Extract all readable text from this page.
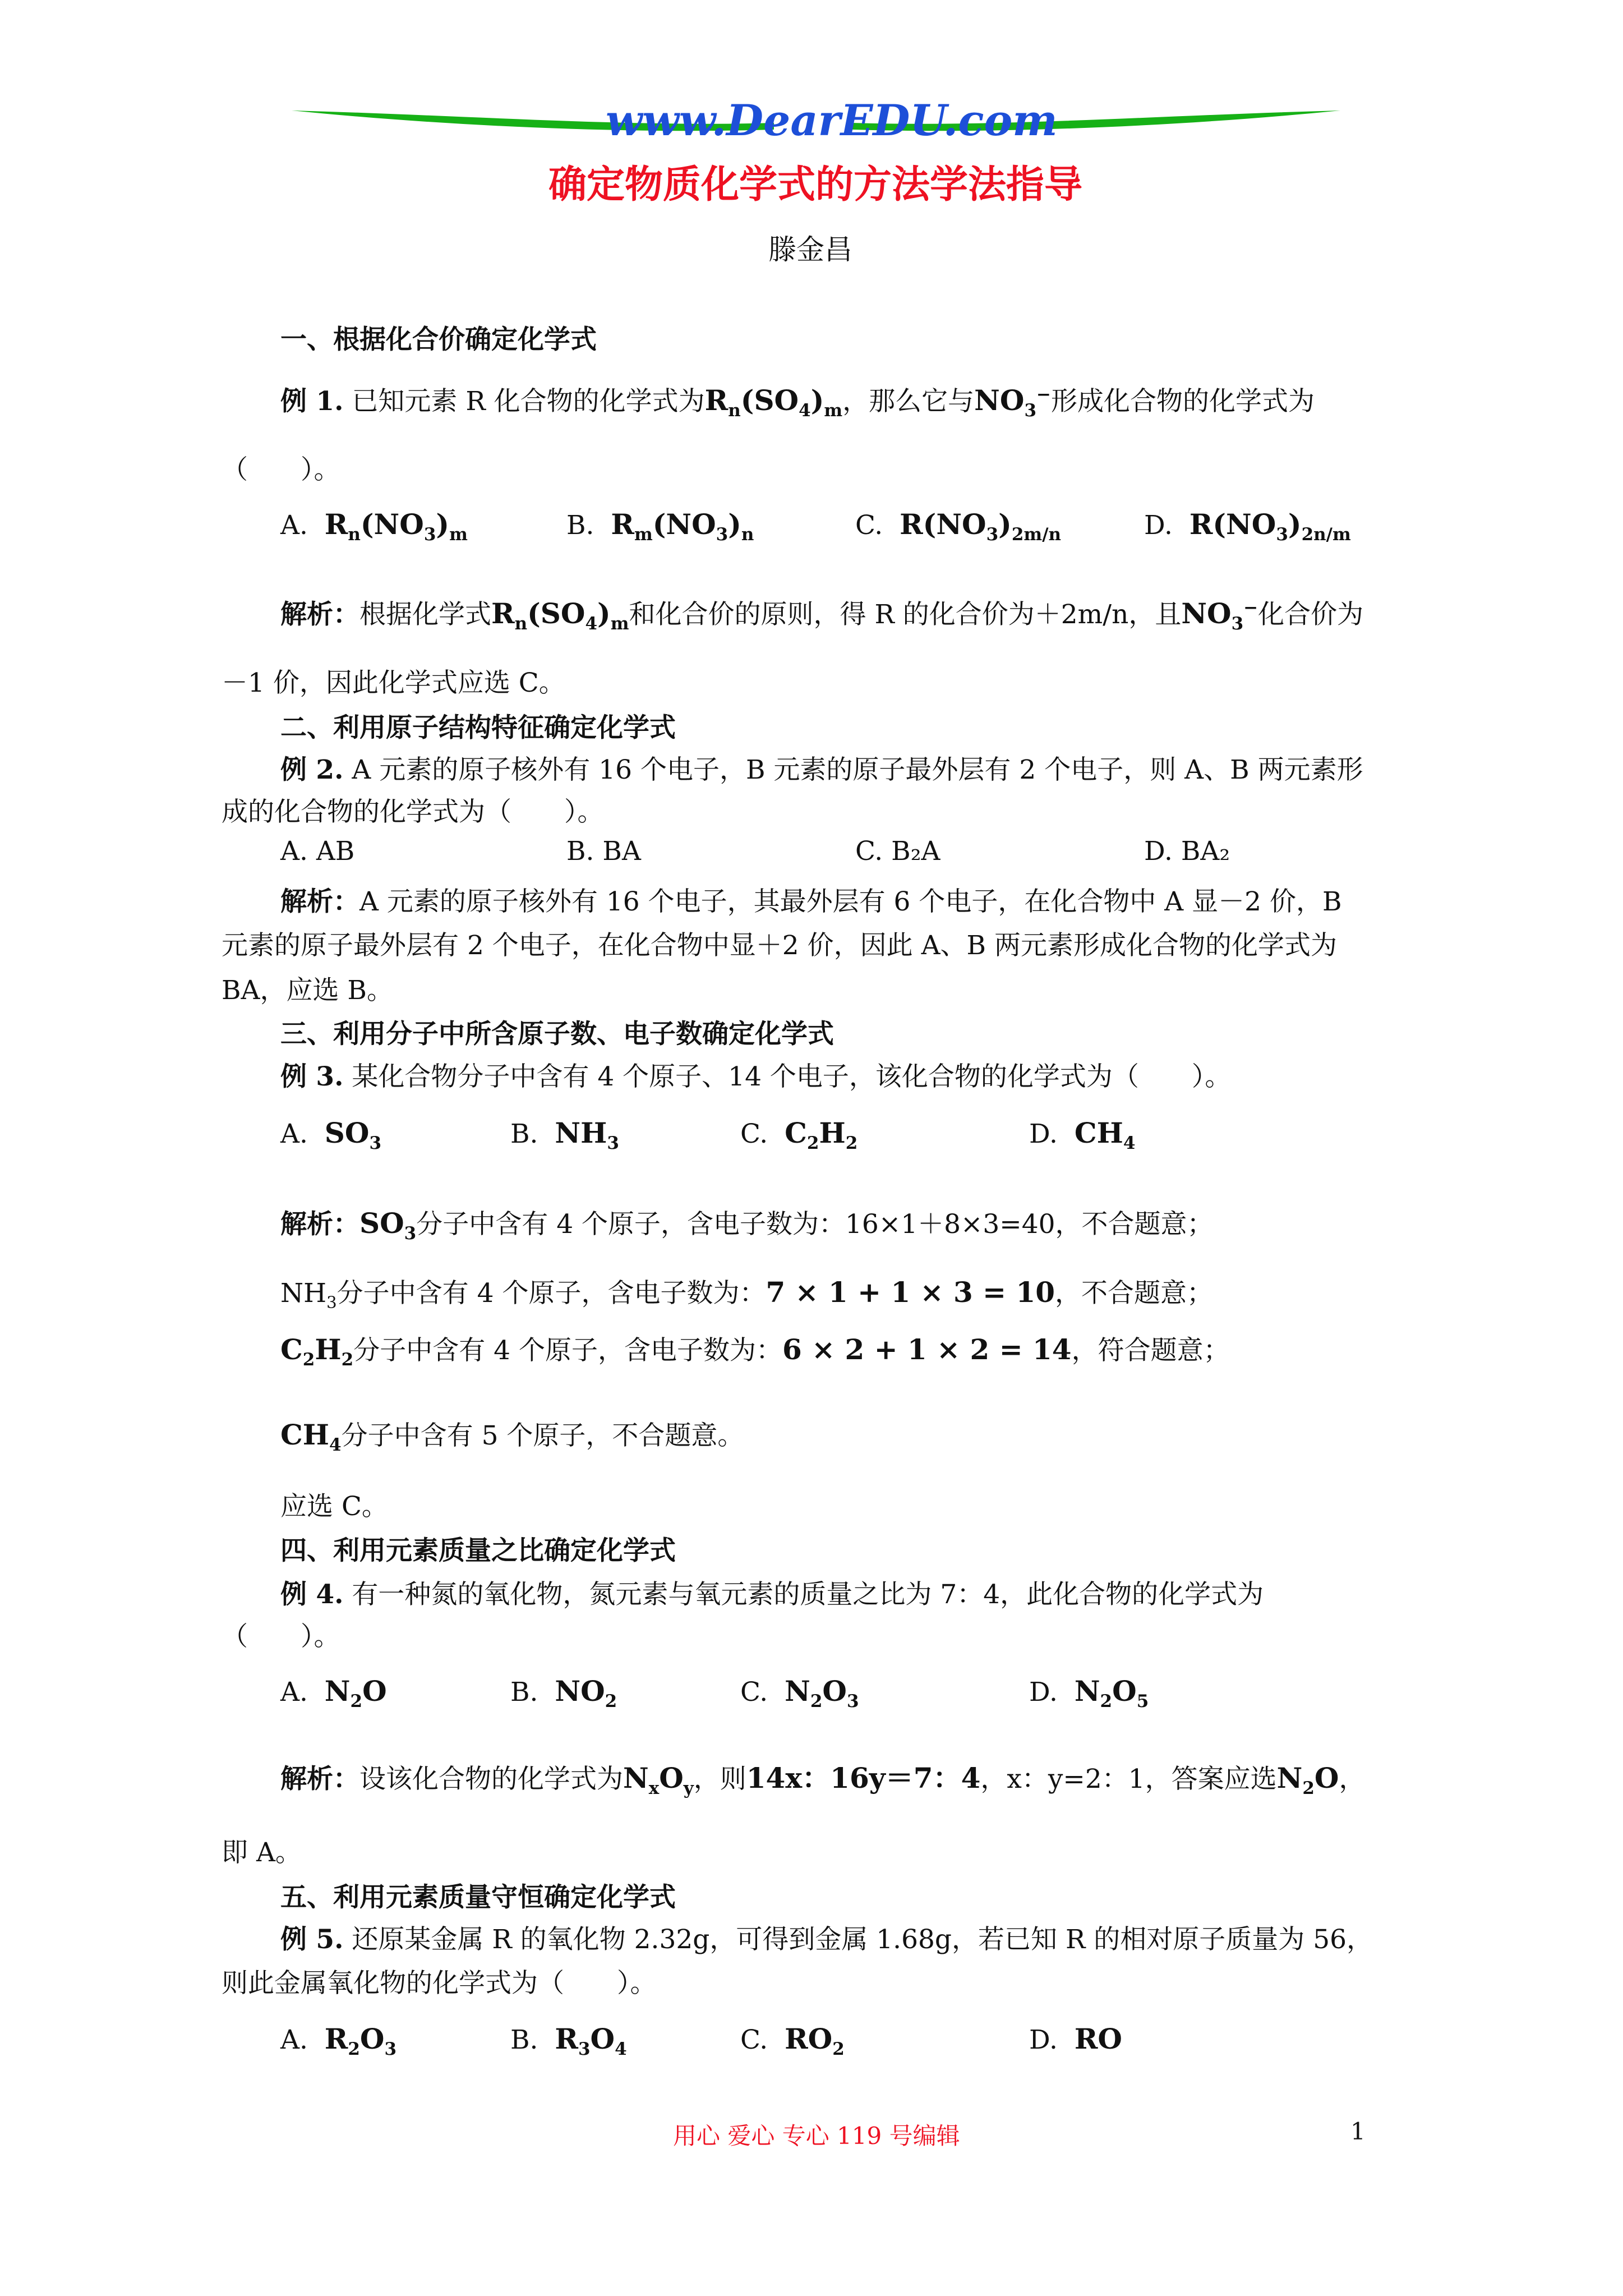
www.DearEDU.com
确定物质化学式的方法学法指导
滕金昌
一、根据化合价确定化学式
例 1. 已知元素 R 化合物的化学式为$R_n(SO_4)_m$，那么它与$NO_3^-$形成化合物的化学式为
（　　）。
A. $R_n(NO_3)_m$	B. $R_m(NO_3)_n$	C. $R(NO_3)_{2m/n}$	D. $R(NO_3)_{2n/m}$
解析：根据化学式$R_n(SO_4)_m$和化合价的原则，得 R 的化合价为＋2m/n，且$NO_3^-$化合价为
－1 价，因此化学式应选 C。
二、利用原子结构特征确定化学式
例 2. A 元素的原子核外有 16 个电子，B 元素的原子最外层有 2 个电子，则 A、B 两元素形
成的化合物的化学式为（　　）。
A. AB	B. BA	C. B₂A	D. BA₂
解析：A 元素的原子核外有 16 个电子，其最外层有 6 个电子，在化合物中 A 显－2 价，B
元素的原子最外层有 2 个电子，在化合物中显＋2 价，因此 A、B 两元素形成化合物的化学式为
BA，应选 B。
三、利用分子中所含原子数、电子数确定化学式
例 3. 某化合物分子中含有 4 个原子、14 个电子，该化合物的化学式为（　　）。
A. $SO_3$	B. $NH_3$	C. $C_2H_2$	D. $CH_4$
解析：$SO_3$分子中含有 4 个原子，含电子数为：16×1＋8×3=40，不合题意；
$NH_3$分子中含有 4 个原子，含电子数为：7 × 1 + 1 × 3 = 10，不合题意；
$C_2H_2$分子中含有 4 个原子，含电子数为：6 × 2 + 1 × 2 = 14，符合题意；
$CH_4$分子中含有 5 个原子，不合题意。
应选 C。
四、利用元素质量之比确定化学式
例 4. 有一种氮的氧化物，氮元素与氧元素的质量之比为 7：4，此化合物的化学式为
（　　）。
A. $N_2O$	B. $NO_2$	C. $N_2O_3$	D. $N_2O_5$
解析：设该化合物的化学式为$N_xO_y$，则14x：16y＝7：4，x：y=2：1，答案应选$N_2O$，
即 A。
五、利用元素质量守恒确定化学式
例 5. 还原某金属 R 的氧化物 2.32g，可得到金属 1.68g，若已知 R 的相对原子质量为 56，
则此金属氧化物的化学式为（　　）。
A. $R_2O_3$	B. $R_3O_4$	C. $RO_2$	D. RO
用心 爱心 专心 119 号编辑	1
